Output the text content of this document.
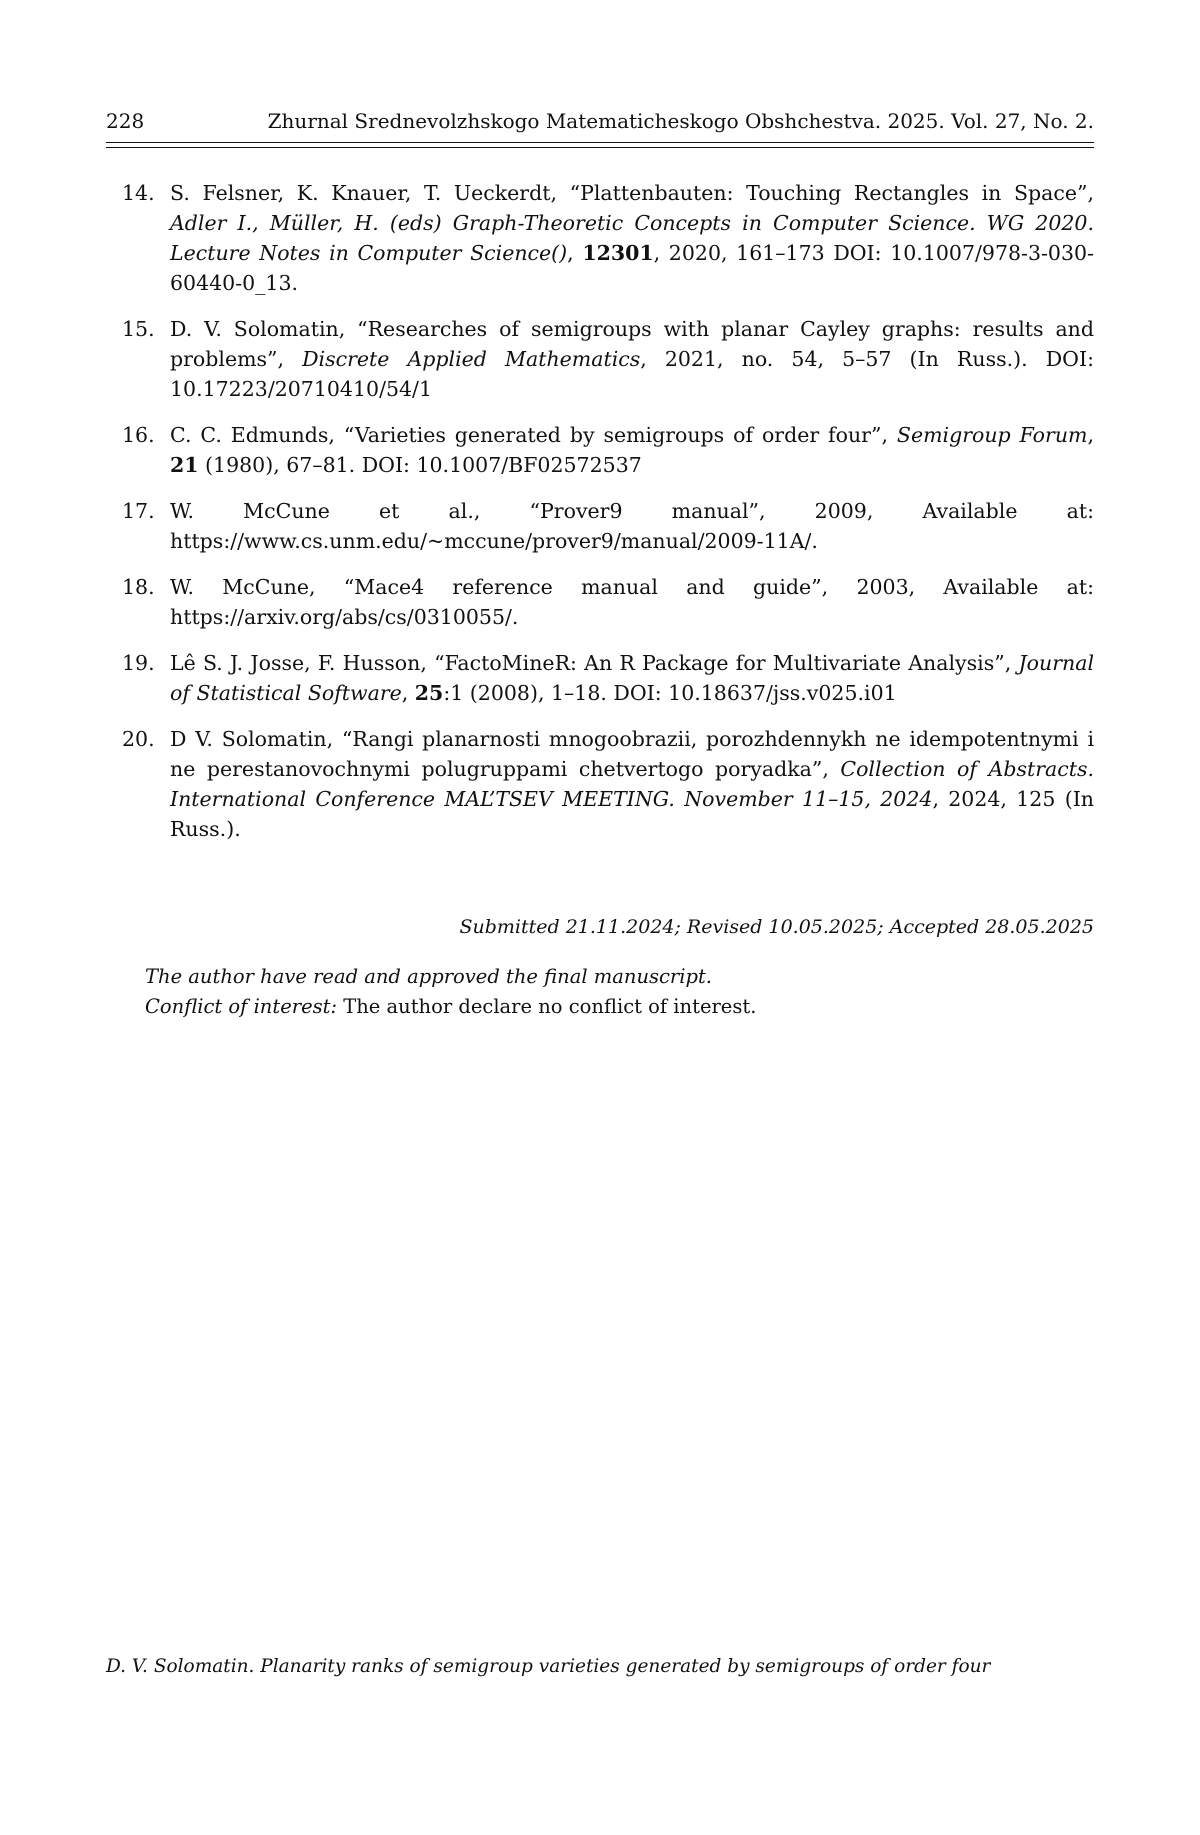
228	Zhurnal Srednevolzhskogo Matematicheskogo Obshchestva. 2025. Vol. 27, No. 2.
14. S. Felsner, K. Knauer, T. Ueckerdt, “Plattenbauten: Touching Rectangles in Space”, Adler I., Müller, H. (eds) Graph-Theoretic Concepts in Computer Science. WG 2020. Lecture Notes in Computer Science(), 12301, 2020, 161–173 DOI: 10.1007/978-3-030-60440-0_13.
15. D. V. Solomatin, “Researches of semigroups with planar Cayley graphs: results and problems”, Discrete Applied Mathematics, 2021, no. 54, 5–57 (In Russ.). DOI: 10.17223/20710410/54/1
16. C. C. Edmunds, “Varieties generated by semigroups of order four”, Semigroup Forum, 21 (1980), 67–81. DOI: 10.1007/BF02572537
17. W. McCune et al., “Prover9 manual”, 2009, Available at: https://www.cs.unm.edu/~mccune/prover9/manual/2009-11A/.
18. W. McCune, “Mace4 reference manual and guide”, 2003, Available at: https://arxiv.org/abs/cs/0310055/.
19. Lê S. J. Josse, F. Husson, “FactoMineR: An R Package for Multivariate Analysis”, Journal of Statistical Software, 25:1 (2008), 1–18. DOI: 10.18637/jss.v025.i01
20. D V. Solomatin, “Rangi planarnosti mnogoobrazii, porozhdennykh ne idempotentnymi i ne perestanovochnymi polugruppami chetvertogo poryadka”, Collection of Abstracts. International Conference MAL’TSEV MEETING. November 11–15, 2024, 2024, 125 (In Russ.).
Submitted 21.11.2024; Revised 10.05.2025; Accepted 28.05.2025
The author have read and approved the final manuscript.
Conflict of interest: The author declare no conflict of interest.
D. V. Solomatin. Planarity ranks of semigroup varieties generated by semigroups of order four
